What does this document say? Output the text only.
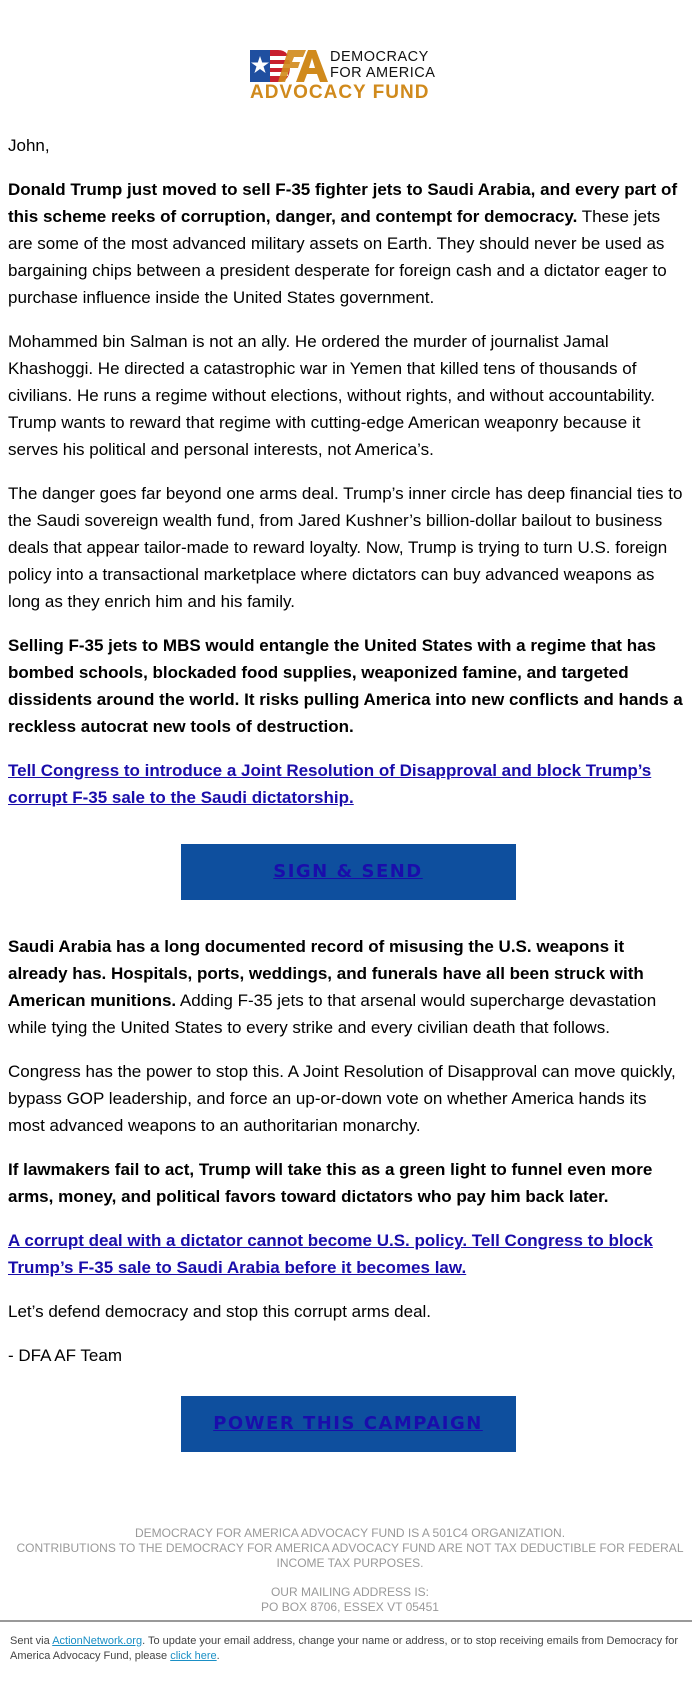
DEMOCRACY
FOR AMERICA
ADVOCACY FUND

John,

Donald Trump just moved to sell F-35 fighter jets to Saudi Arabia, and every part of this scheme reeks of corruption, danger, and contempt for democracy. These jets are some of the most advanced military assets on Earth. They should never be used as bargaining chips between a president desperate for foreign cash and a dictator eager to purchase influence inside the United States government.

Mohammed bin Salman is not an ally. He ordered the murder of journalist Jamal Khashoggi. He directed a catastrophic war in Yemen that killed tens of thousands of civilians. He runs a regime without elections, without rights, and without accountability. Trump wants to reward that regime with cutting-edge American weaponry because it serves his political and personal interests, not America’s.

The danger goes far beyond one arms deal. Trump’s inner circle has deep financial ties to the Saudi sovereign wealth fund, from Jared Kushner’s billion-dollar bailout to business deals that appear tailor-made to reward loyalty. Now, Trump is trying to turn U.S. foreign policy into a transactional marketplace where dictators can buy advanced weapons as long as they enrich him and his family.

Selling F-35 jets to MBS would entangle the United States with a regime that has bombed schools, blockaded food supplies, weaponized famine, and targeted dissidents around the world. It risks pulling America into new conflicts and hands a reckless autocrat new tools of destruction.

Tell Congress to introduce a Joint Resolution of Disapproval and block Trump’s corrupt F-35 sale to the Saudi dictatorship.

SIGN & SEND

Saudi Arabia has a long documented record of misusing the U.S. weapons it already has. Hospitals, ports, weddings, and funerals have all been struck with American munitions. Adding F-35 jets to that arsenal would supercharge devastation while tying the United States to every strike and every civilian death that follows.

Congress has the power to stop this. A Joint Resolution of Disapproval can move quickly, bypass GOP leadership, and force an up-or-down vote on whether America hands its most advanced weapons to an authoritarian monarchy.

If lawmakers fail to act, Trump will take this as a green light to funnel even more arms, money, and political favors toward dictators who pay him back later.

A corrupt deal with a dictator cannot become U.S. policy. Tell Congress to block Trump’s F-35 sale to Saudi Arabia before it becomes law.

Let’s defend democracy and stop this corrupt arms deal.

- DFA AF Team

POWER THIS CAMPAIGN

DEMOCRACY FOR AMERICA ADVOCACY FUND IS A 501C4 ORGANIZATION.
CONTRIBUTIONS TO THE DEMOCRACY FOR AMERICA ADVOCACY FUND ARE NOT TAX DEDUCTIBLE FOR FEDERAL INCOME TAX PURPOSES.

OUR MAILING ADDRESS IS:
PO BOX 8706, ESSEX VT 05451

Sent via ActionNetwork.org. To update your email address, change your name or address, or to stop receiving emails from Democracy for America Advocacy Fund, please click here.
